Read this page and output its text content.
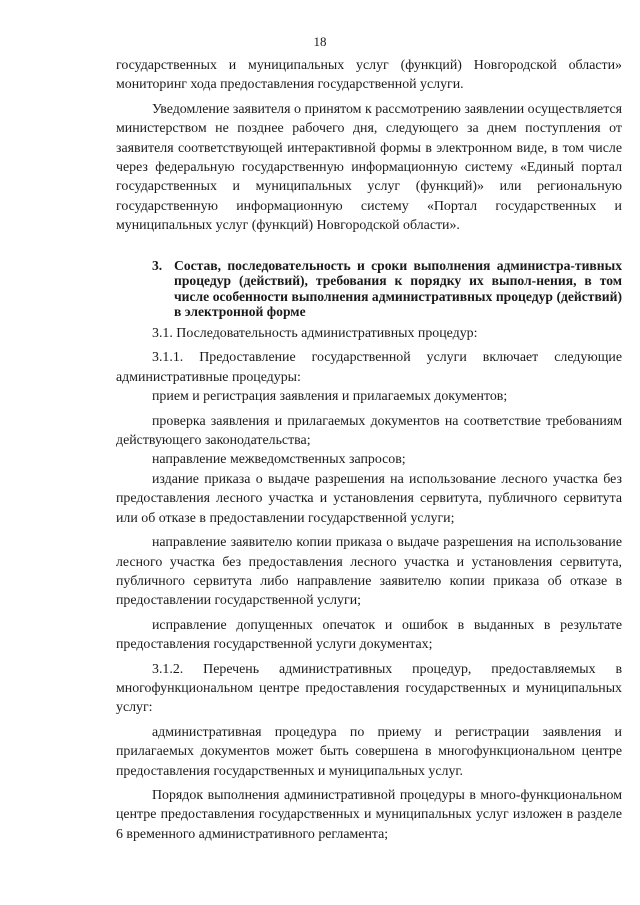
18

государственных и муниципальных услуг (функций) Новгородской области» мониторинг хода предоставления государственной услуги.

Уведомление заявителя о принятом к рассмотрению заявлении осуществляется министерством не позднее рабочего дня, следующего за днем поступления от заявителя соответствующей интерактивной формы в электронном виде, в том числе через федеральную государственную информационную систему «Единый портал государственных и муниципальных услуг (функций)» или региональную государственную информационную систему «Портал государственных и муниципальных услуг (функций) Новгородской области».

3. Состав, последовательность и сроки выполнения администра-тивных процедур (действий), требования к порядку их выпол-нения, в том числе особенности выполнения административных процедур (действий) в электронной форме

3.1. Последовательность административных процедур:

3.1.1. Предоставление государственной услуги включает следующие административные процедуры:

прием и регистрация заявления и прилагаемых документов;

проверка заявления и прилагаемых документов на соответствие требованиям действующего законодательства;

направление межведомственных запросов;

издание приказа о выдаче разрешения на использование лесного участка без предоставления лесного участка и установления сервитута, публичного сервитута или об отказе в предоставлении государственной услуги;

направление заявителю копии приказа о выдаче разрешения на использование лесного участка без предоставления лесного участка и установления сервитута, публичного сервитута либо направление заявителю копии приказа об отказе в предоставлении государственной услуги;

исправление допущенных опечаток и ошибок в выданных в результате предоставления государственной услуги документах;

3.1.2. Перечень административных процедур, предоставляемых в многофункциональном центре предоставления государственных и муниципальных услуг:

административная процедура по приему и регистрации заявления и прилагаемых документов может быть совершена в многофункциональном центре предоставления государственных и муниципальных услуг.

Порядок выполнения административной процедуры в много-функциональном центре предоставления государственных и муниципальных услуг изложен в разделе 6 временного административного регламента;
